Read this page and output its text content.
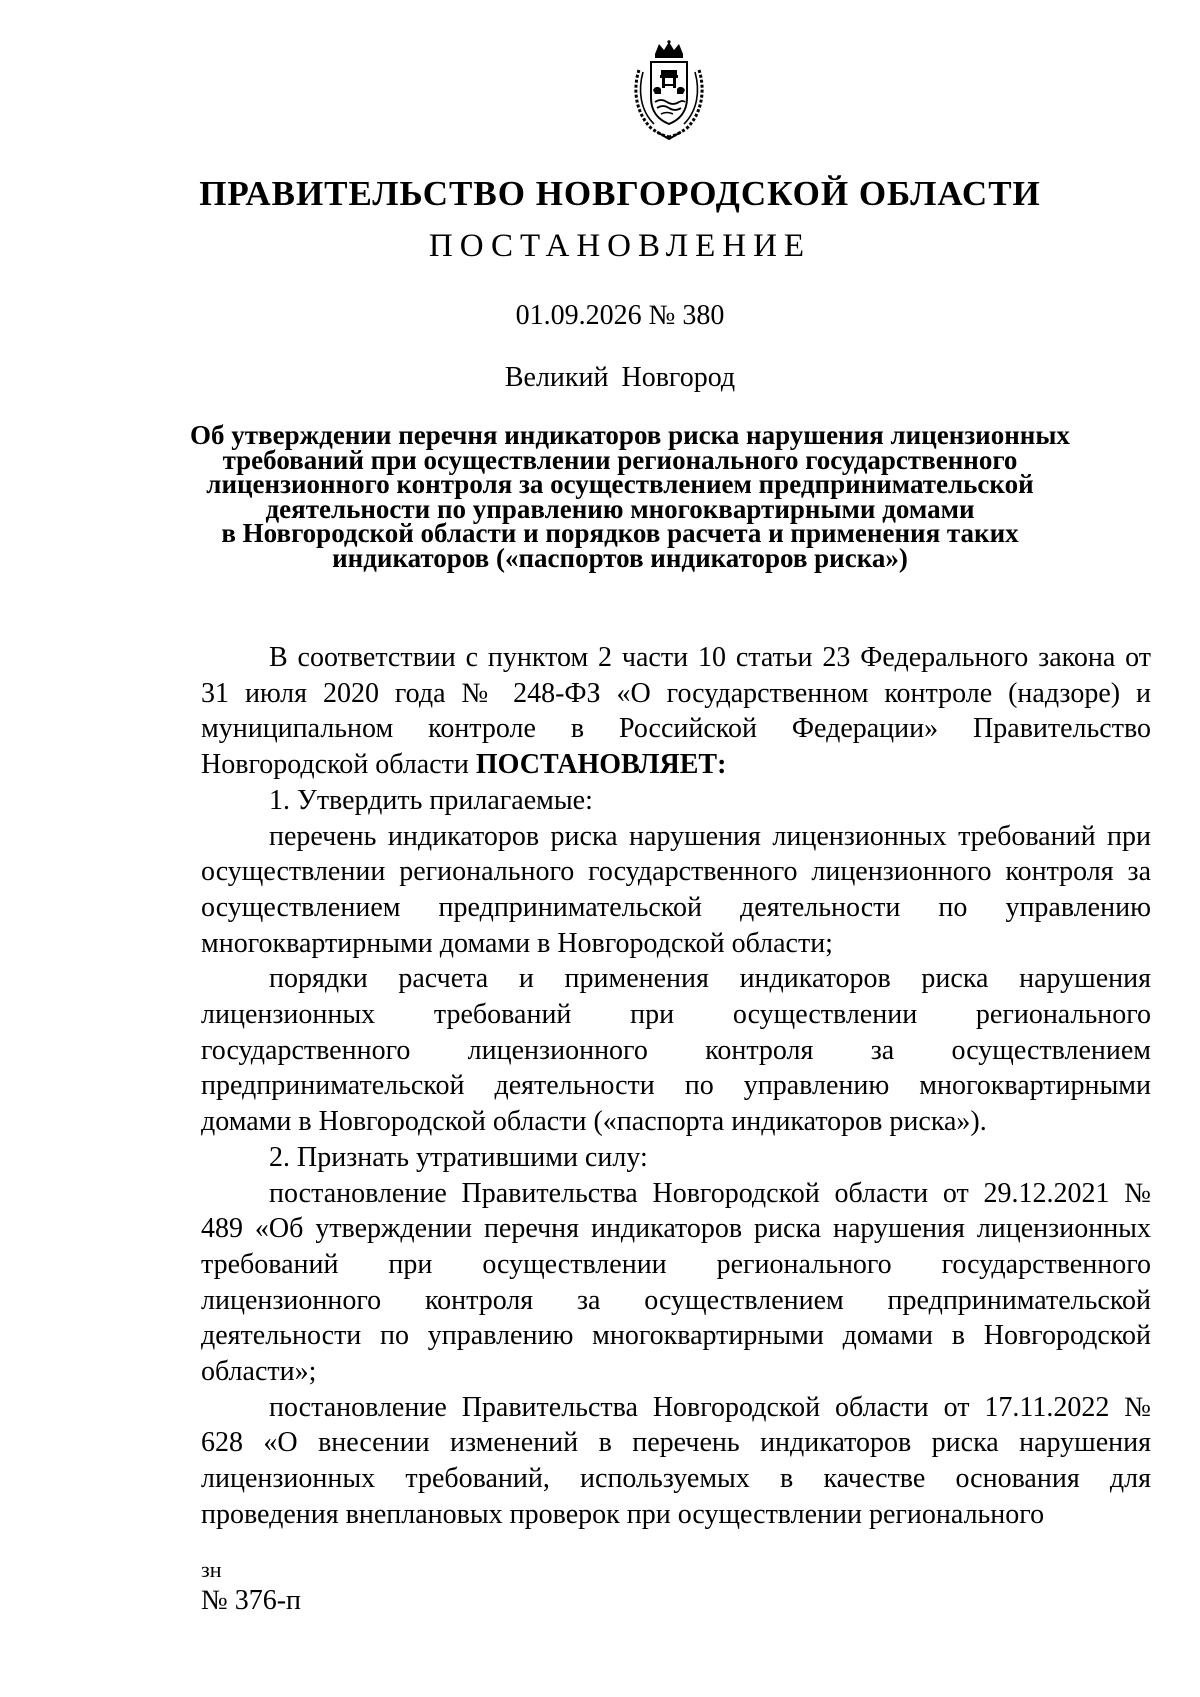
ПРАВИТЕЛЬСТВО НОВГОРОДСКОЙ ОБЛАСТИ
ПОСТАНОВЛЕНИЕ
01.09.2026 № 380
Великий Новгород
Об утверждении перечня индикаторов риска нарушения лицензионных
требований при осуществлении регионального государственного
лицензионного контроля за осуществлением предпринимательской
деятельности по управлению многоквартирными домами
в Новгородской области и порядков расчета и применения таких
индикаторов («паспортов индикаторов риска»)

В соответствии с пунктом 2 части 10 статьи 23 Федерального закона от 31 июля 2020 года № 248-ФЗ «О государственном контроле (надзоре) и муниципальном контроле в Российской Федерации» Правительство Новгородской области ПОСТАНОВЛЯЕТ:

1. Утвердить прилагаемые:

перечень индикаторов риска нарушения лицензионных требований при осуществлении регионального государственного лицензионного контроля за осуществлением предпринимательской деятельности по управлению многоквартирными домами в Новгородской области;

порядки расчета и применения индикаторов риска нарушения лицензионных требований при осуществлении регионального государственного лицензионного контроля за осуществлением предпринимательской деятельности по управлению многоквартирными домами в Новгородской области («паспорта индикаторов риска»).

2. Признать утратившими силу:

постановление Правительства Новгородской области от 29.12.2021 № 489 «Об утверждении перечня индикаторов риска нарушения лицензионных требований при осуществлении регионального государственного лицензионного контроля за осуществлением предпринимательской деятельности по управлению многоквартирными домами в Новгородской области»;

постановление Правительства Новгородской области от 17.11.2022 № 628 «О внесении изменений в перечень индикаторов риска нарушения лицензионных требований, используемых в качестве основания для проведения внеплановых проверок при осуществлении регионального

зн
№ 376-п
